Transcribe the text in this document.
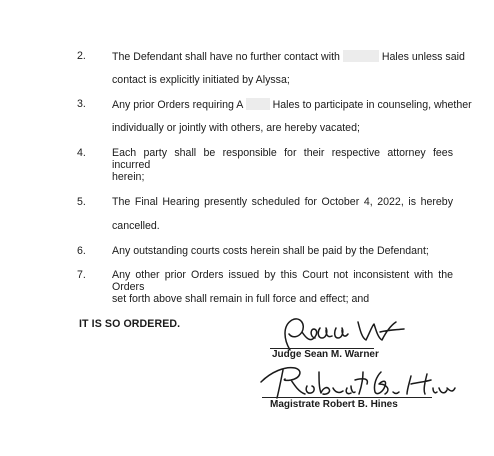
2. The Defendant shall have no further contact with	Hales unless said
contact is explicitly initiated by Alyssa;
3. Any prior Orders requiring A	Hales to participate in counseling, whether
individually or jointly with others, are hereby vacated;
4. Each party shall be responsible for their respective attorney fees incurred
herein;
5. The Final Hearing presently scheduled for October 4, 2022, is hereby
cancelled.
6. Any outstanding courts costs herein shall be paid by the Defendant;
7. Any other prior Orders issued by this Court not inconsistent with the Orders
set forth above shall remain in full force and effect; and
IT IS SO ORDERED.
Judge Sean M. Warner
Magistrate Robert B. Hines
